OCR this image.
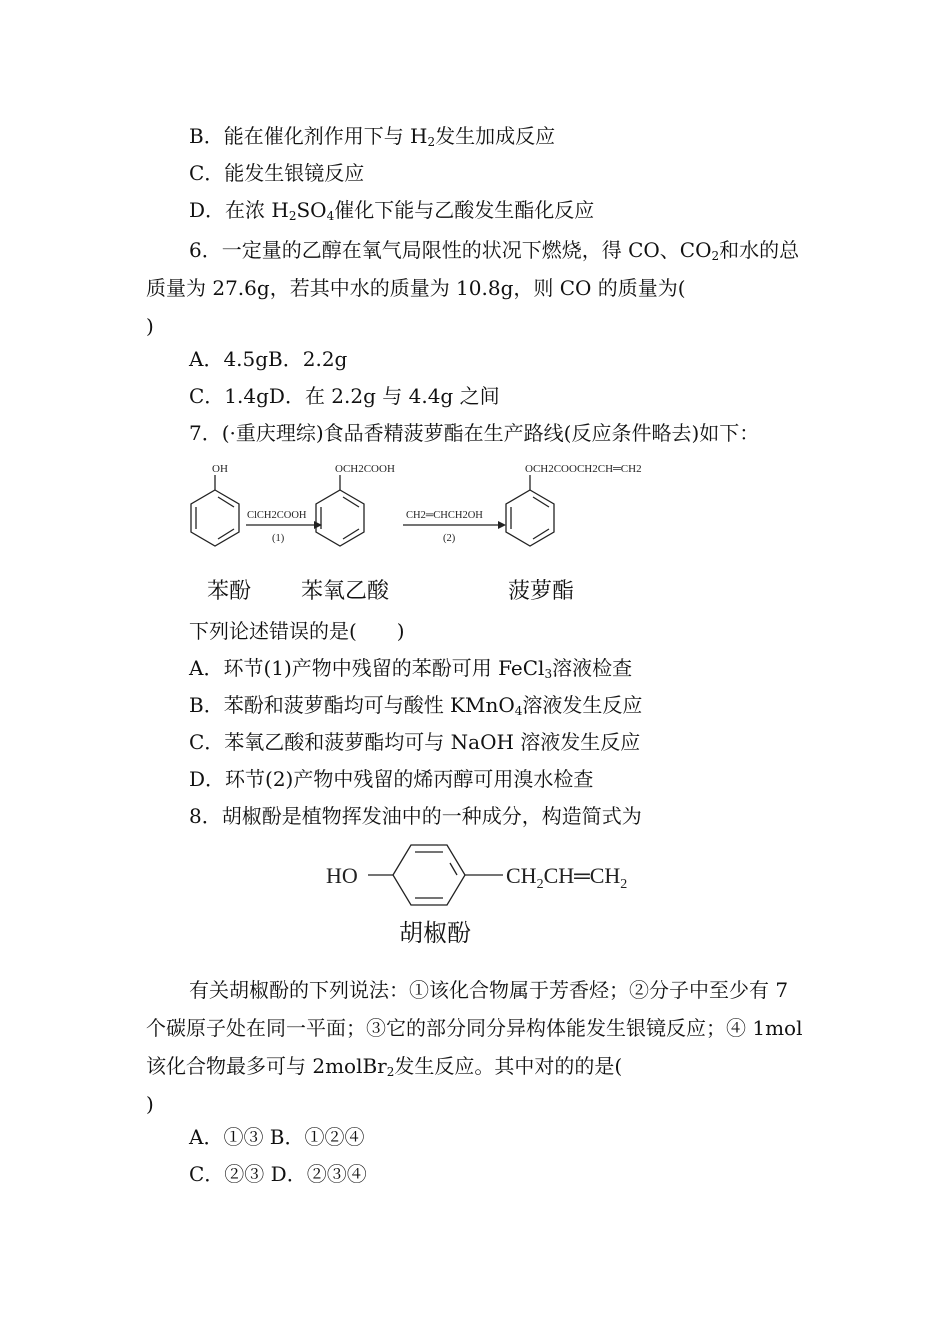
B．能在催化剂作用下与 $H_2$发生加成反应
C．能发生银镜反应
D．在浓 $H_2SO_4$催化下能与乙酸发生酯化反应
6．一定量的乙醇在氧气局限性的状况下燃烧，得 CO、$CO_2$和水的总质量为 27.6g，若其中水的质量为 10.8g，则 CO 的质量为(
)
A．4.5gB．2.2g
C．1.4gD．在 2.2g 与 4.4g 之间
7．(·重庆理综)食品香精菠萝酯在生产路线(反应条件略去)如下：
OH
ClCH2COOH
(1)
OCH2COOH
CH2═CHCH2OH
(2)
OCH2COOCH2CH═CH2
苯酚 苯氧乙酸	菠萝酯
下列论述错误的是(　　)
A．环节(1)产物中残留的苯酚可用 FeCl$_3$溶液检查
B．苯酚和菠萝酯均可与酸性 KMnO$_4$溶液发生反应
C．苯氧乙酸和菠萝酯均可与 NaOH 溶液发生反应
D．环节(2)产物中残留的烯丙醇可用溴水检查
8．胡椒酚是植物挥发油中的一种成分，构造简式为
HO	$CH_2CH═CH_2$
胡椒酚
有关胡椒酚的下列说法：①该化合物属于芳香烃；②分子中至少有 7 个碳原子处在同一平面；③它的部分同分异构体能发生银镜反应；④ 1mol 该化合物最多可与 2molBr$_2$发生反应。其中对的的是(
)
A．①③ B．①②④
C．②③ D．②③④
